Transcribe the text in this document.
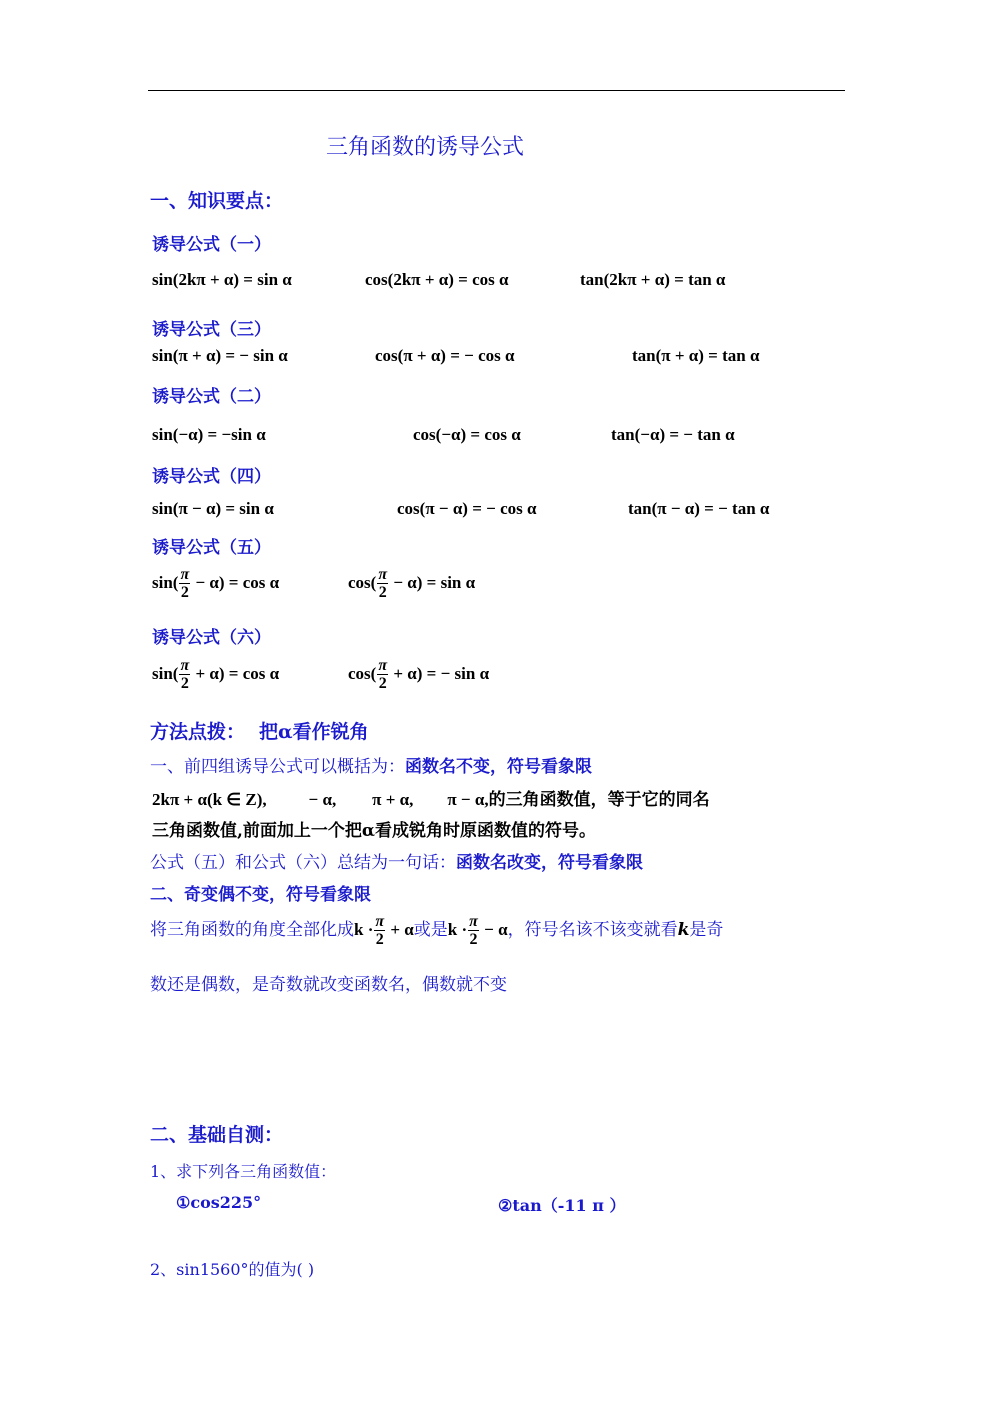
三角函数的诱导公式
一、知识要点：
诱导公式（一）
sin(2kπ + α) = sin α	cos(2kπ + α) = cos α	tan(2kπ + α) = tan α
诱导公式（三）
sin(π + α) = − sin α	cos(π + α) = − cos α	tan(π + α) = tan α
诱导公式（二）
sin(−α) = −sin α	cos(−α) = cos α	tan(−α) = − tan α
诱导公式（四）
sin(π − α) = sin α	cos(π − α) = − cos α	tan(π − α) = − tan α
诱导公式（五）
$\sin( \frac{\pi}{2} - \alpha) = \cos \alpha$	$\cos( \frac{\pi}{2} - \alpha) = \sin \alpha$
诱导公式（六）
$\sin( \frac{\pi}{2} + \alpha) = \cos \alpha$	$\cos( \frac{\pi}{2} + \alpha)$ = − sin α
方法点拨： 把α看作锐角
一、前四组诱导公式可以概括为：函数名不变，符号看象限
2kπ + α(k ∈ Z), − α, π + α, π − α,的三角函数值，等于它的同名
三角函数值,前面加上一个把α看成锐角时原函数值的符号。
公式（五）和公式（六）总结为一句话：函数名改变，符号看象限
二、奇变偶不变，符号看象限
将三角函数的角度全部化成$k \cdot \frac{\pi}{2} + \alpha$或是$k \cdot \frac{\pi}{2} - \alpha$，符号名该不该变就看k是奇
数还是偶数，是奇数就改变函数名，偶数就不变
二、基础自测：
1、求下列各三角函数值：
①cos225°	②tan（-11 π ）
2、sin1560°的值为( )
